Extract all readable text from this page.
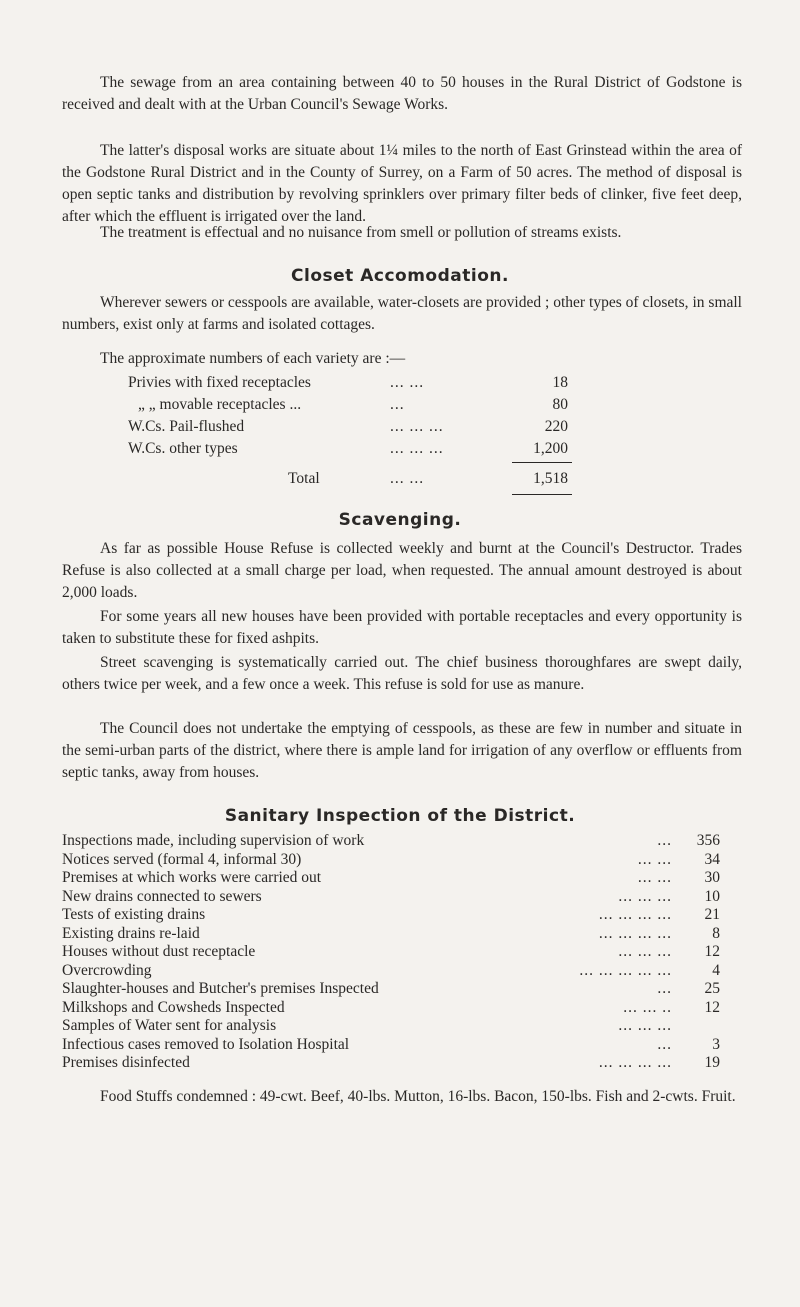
The sewage from an area containing between 40 to 50 houses in the Rural District of Godstone is received and dealt with at the Urban Council's Sewage Works.

The latter's disposal works are situate about 1¼ miles to the north of East Grinstead within the area of the Godstone Rural District and in the County of Surrey, on a Farm of 50 acres. The method of disposal is open septic tanks and distribution by revolving sprinklers over primary filter beds of clinker, five feet deep, after which the effluent is irrigated over the land.

The treatment is effectual and no nuisance from smell or pollution of streams exists.

Closet Accomodation.

Wherever sewers or cesspools are available, water-closets are provided ; other types of closets, in small numbers, exist only at farms and isolated cottages.

The approximate numbers of each variety are :—

Privies with fixed receptacles	... ...	18
„ „ movable receptacles ...	...	80
W.Cs. Pail-flushed	... ... ...	220
W.Cs. other types	... ... ...	1,200
Total	... ...	1,518
Scavenging.

As far as possible House Refuse is collected weekly and burnt at the Council's Destructor. Trades Refuse is also collected at a small charge per load, when requested. The annual amount destroyed is about 2,000 loads.

For some years all new houses have been provided with portable receptacles and every opportunity is taken to substitute these for fixed ashpits.

Street scavenging is systematically carried out. The chief business thoroughfares are swept daily, others twice per week, and a few once a week. This refuse is sold for use as manure.

The Council does not undertake the emptying of cesspools, as these are few in number and situate in the semi-urban parts of the district, where there is ample land for irrigation of any overflow or effluents from septic tanks, away from houses.

Sanitary Inspection of the District.
Inspections made, including supervision of work	...	356
Notices served (formal 4, informal 30)	... ...	34
Premises at which works were carried out	... ...	30
New drains connected to sewers	... ... ...	10
Tests of existing drains	... ... ... ...	21
Existing drains re-laid	... ... ... ...	8
Houses without dust receptacle	... ... ...	12
Overcrowding	... ... ... ... ...	4
Slaughter-houses and Butcher's premises Inspected	...	25
Milkshops and Cowsheds Inspected	... ... ..	12
Samples of Water sent for analysis	... ... ...
Infectious cases removed to Isolation Hospital	...	3
Premises disinfected	... ... ... ...	19

Food Stuffs condemned : 49-cwt. Beef, 40-lbs. Mutton, 16-lbs. Bacon, 150-lbs. Fish and 2-cwts. Fruit.
